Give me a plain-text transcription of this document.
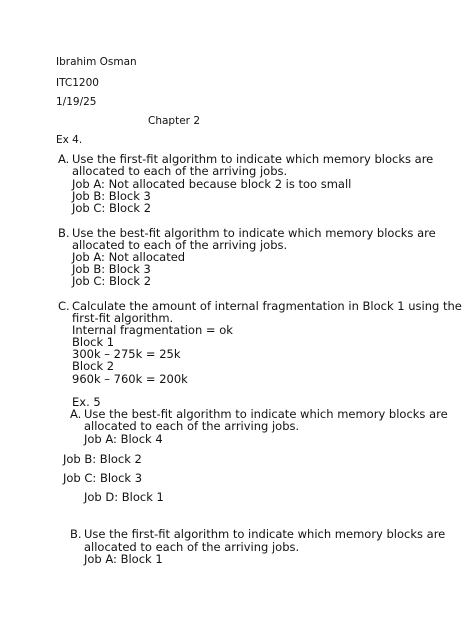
Ibrahim Osman
ITC1200
1/19/25
Chapter 2
Ex 4.
A. Use the first-fit algorithm to indicate which memory blocks are
allocated to each of the arriving jobs.
Job A: Not allocated because block 2 is too small
Job B: Block 3
Job C: Block 2
B. Use the best-fit algorithm to indicate which memory blocks are
allocated to each of the arriving jobs.
Job A: Not allocated
Job B: Block 3
Job C: Block 2
C. Calculate the amount of internal fragmentation in Block 1 using the
first-fit algorithm.
Internal fragmentation = ok
Block 1
300k – 275k = 25k
Block 2
960k – 760k = 200k
Ex. 5
A. Use the best-fit algorithm to indicate which memory blocks are
allocated to each of the arriving jobs.
Job A: Block 4
Job B: Block 2
Job C: Block 3
Job D: Block 1
B. Use the first-fit algorithm to indicate which memory blocks are
allocated to each of the arriving jobs.
Job A: Block 1
